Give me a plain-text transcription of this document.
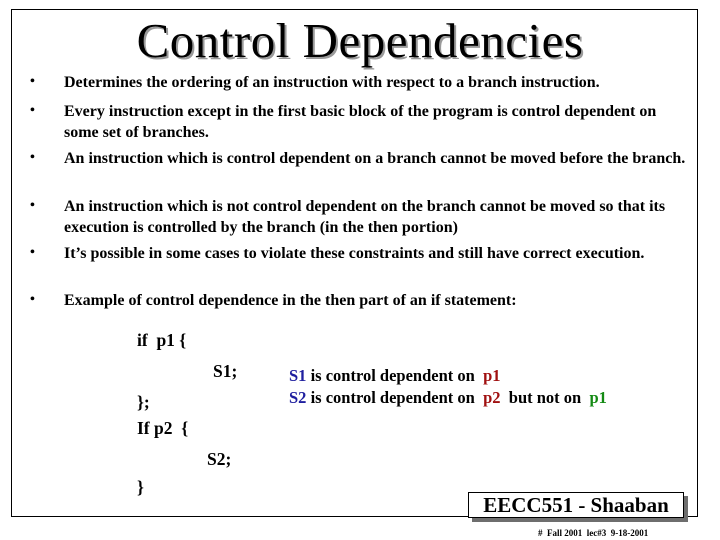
Control Dependencies
• Determines the ordering of an instruction with respect to a branch instruction.
• Every instruction except in the first basic block of the program is control dependent on some set of branches.
• An instruction which is control dependent on a branch cannot be moved before the branch.
• An instruction which is not control dependent on the branch cannot be moved so that its execution is controlled by the branch (in the then portion)
• It’s possible in some cases to violate these constraints and still have correct execution.
• Example of control dependence in the then part of an if statement:
if  p1 {
S1;
};
If p2  {
S2;
}
S1 is control dependent on  p1
S2 is control dependent on  p2  but not on  p1
EECC551 - Shaaban
#  Fall 2001  lec#3  9-18-2001
